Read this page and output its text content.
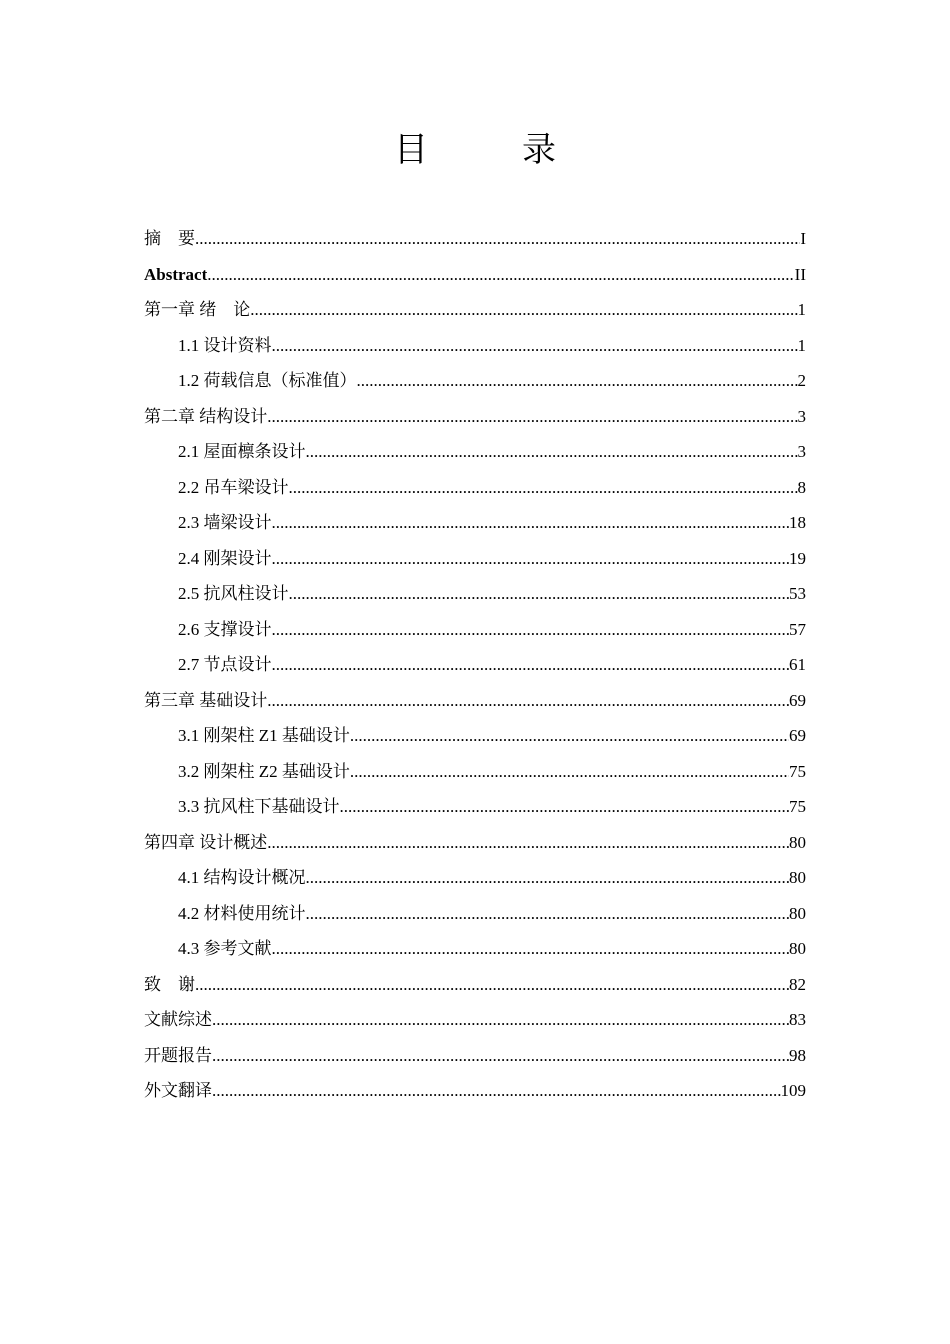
目　录
摘　要 .....	I
Abstract .....	II
第一章 绪　论 .....	1
1.1 设计资料 .....	1
1.2 荷载信息（标准值） .....	2
第二章 结构设计 .....	3
2.1 屋面檩条设计 .....	3
2.2 吊车梁设计 .....	8
2.3 墙梁设计 .....	18
2.4 刚架设计 .....	19
2.5 抗风柱设计 .....	53
2.6 支撑设计 .....	57
2.7 节点设计 .....	61
第三章 基础设计 .....	69
3.1 刚架柱 Z1 基础设计 .....	69
3.2 刚架柱 Z2 基础设计 .....	75
3.3 抗风柱下基础设计 .....	75
第四章 设计概述 .....	80
4.1 结构设计概况 .....	80
4.2 材料使用统计 .....	80
4.3 参考文献 .....	80
致　谢 .....	82
文献综述 .....	83
开题报告 .....	98
外文翻译 .....	109
